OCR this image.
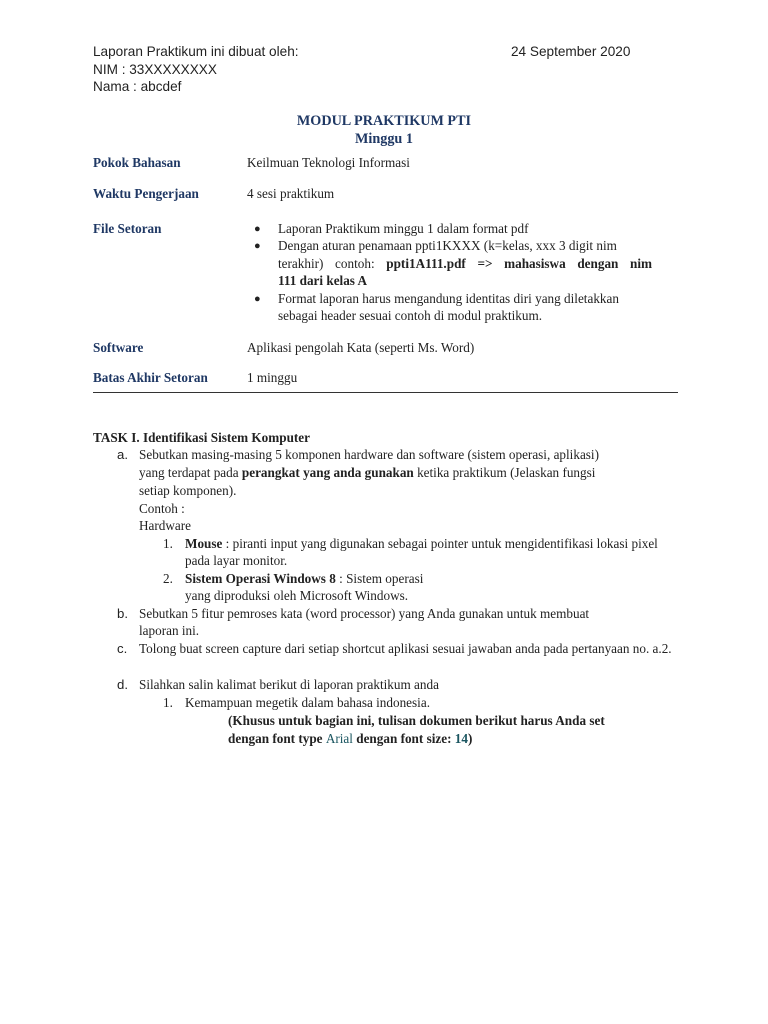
Laporan Praktikum ini dibuat oleh:	24 September 2020
NIM : 33XXXXXXXX
Nama : abcdef
MODUL PRAKTIKUM PTI
Minggu 1
Pokok Bahasan	Keilmuan Teknologi Informasi
Waktu Pengerjaan	4 sesi praktikum
File Setoran	● Laporan Praktikum minggu 1 dalam format pdf
● Dengan aturan penamaan ppti1KXXX (k=kelas, xxx 3 digit nim
terakhir) contoh: ppti1A111.pdf => mahasiswa dengan nim
111 dari kelas A
● Format laporan harus mengandung identitas diri yang diletakkan sebagai header sesuai contoh di modul praktikum.
Software	Aplikasi pengolah Kata (seperti Ms. Word)
Batas Akhir Setoran	1 minggu
TASK I. Identifikasi Sistem Komputer
a. Sebutkan masing-masing 5 komponen hardware dan software (sistem operasi, aplikasi)
yang terdapat pada perangkat yang anda gunakan ketika praktikum (Jelaskan fungsi
setiap komponen).
Contoh :
Hardware
1. Mouse : piranti input yang digunakan sebagai pointer untuk mengidentifikasi lokasi pixel pada layar monitor.
2. Sistem Operasi Windows 8 : Sistem operasi yang diproduksi oleh Microsoft Windows.
b. Sebutkan 5 fitur pemroses kata (word processor) yang Anda gunakan untuk membuat laporan ini.
c. Tolong buat screen capture dari setiap shortcut aplikasi sesuai jawaban anda pada pertanyaan no. a.2.
d. Silahkan salin kalimat berikut di laporan praktikum anda
1. Kemampuan megetik dalam bahasa indonesia.
(Khusus untuk bagian ini, tulisan dokumen berikut harus Anda set
dengan font type Arial dengan font size: 14)
